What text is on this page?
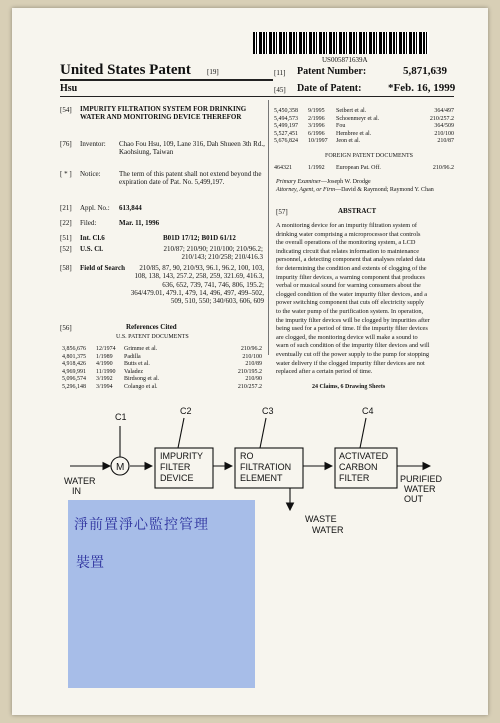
US005871639A
United States Patent [19]
Hsu
[11] Patent Number:	5,871,639
[45] Date of Patent: *Feb. 16, 1999
[54] IMPURITY FILTRATION SYSTEM FOR DRINKING WATER AND MONITORING DEVICE THEREFOR
[76] Inventor: Chao Fou Hsu, 109, Lane 316, Dah Shueen 3th Rd., Kaohsiung, Taiwan
[ * ] Notice:	The term of this patent shall not extend beyond the expiration date of Pat. No. 5,499,197.
[21] Appl. No.: 613,844
[22] Filed:	Mar. 11, 1996
[51] Int. Cl.6	B01D 17/12; B01D 61/12
[52] U.S. Cl.	210/87; 210/90; 210/100; 210/96.2; 210/143; 210/258; 210/416.3
[58] Field of Search	210/85, 87, 90, 210/93, 96.1, 96.2, 100, 103, 108, 138, 143, 257.2, 258, 259, 321.69, 416.3, 636, 652, 739, 741, 746, 806, 195.2; 364/479.01, 479.1, 479, 14, 496, 497, 499–502, 509, 510, 550; 340/603, 606, 609
[56]	References Cited
U.S. PATENT DOCUMENTS
3,856,676	12/1974	Grimme et al.	210/96.2
4,801,375	1/1989	Padilla	210/100
4,918,426	4/1990	Butts et al.	210/89
4,969,991	11/1990	Valadez	210/195.2
5,096,574	3/1992	Birdsong et al.	210/90
5,296,148	3/1994	Colango et al.	210/257.2
5,450,358	9/1995	Seibert et al.	364/497
5,494,573	2/1996	Schoenmeyr et al.	210/257.2
5,499,197	3/1996	Fou	364/509
5,527,451	6/1996	Hembree et al.	210/100
5,676,824	10/1997	Jeon et al.	210/87
FOREIGN PATENT DOCUMENTS
464321	1/1992	European Pat. Off.	210/96.2
Primary Examiner—Joseph W. Drodge
Attorney, Agent, or Firm—David & Raymond; Raymond Y. Chan
[57]	ABSTRACT
A monitoring device for an impurity filtration system of
drinking water comprising a microprocessor that controls
the overall operations of the monitoring system, a LCD
indicating circuit that relates information to maintenance
personnel, a detecting component that analyses related data
for determining the condition and extents of clogging of the
impurity filter devices, a warning component that produces
verbal or musical sound for warning consumers about the
clogged condition of the water impurity filter devices, and a
power switching component that cuts off electricity supply
to the water pump of the purification system. In operation,
the impurity filter devices will be clogged by impurities after
being used for a period of time. If the impurity filter devices
are clogged, the monitoring device will make a sound to
warn of such condition of the impurity filter devices and will
eventually cut off the power supply to the pump for stopping
water delivery if the clogged impurity filter devices are not
replaced after a certain period of time.
24 Claims, 6 Drawing Sheets
C1
C2	C3	C4
M
WATER
IN
IMPURITY
FILTER
DEVICE
RO
FILTRATION
ELEMENT
ACTIVATED
CARBON
FILTER	PURIFIED
WATER
OUT
WASTE
WATER
淨前置淨心監控管理
裝置
